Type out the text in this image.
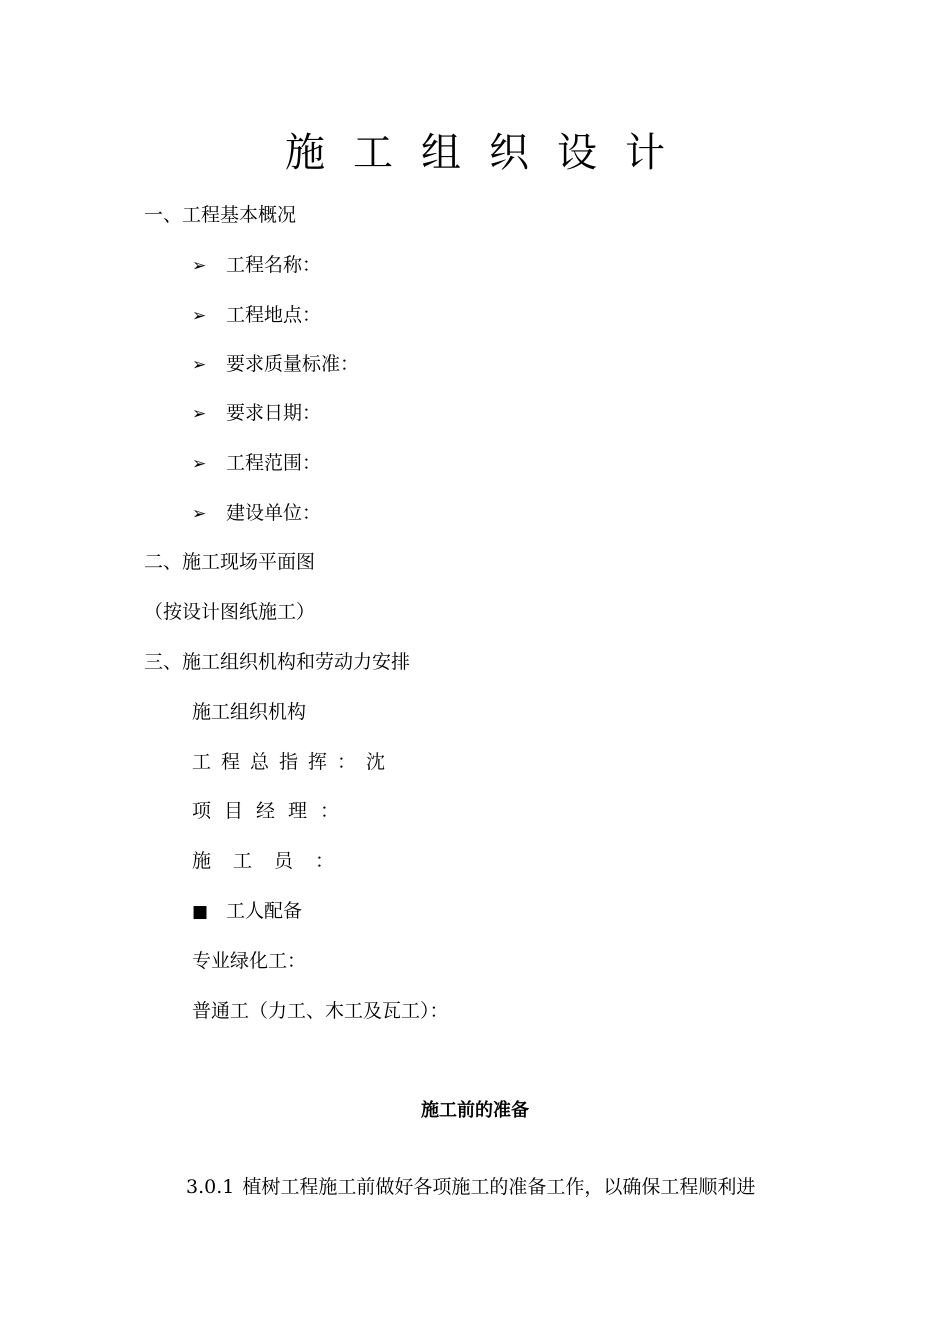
施工组织设计
一、工程基本概况
➢ 工程名称：
➢ 工程地点：
➢ 要求质量标准：
➢ 要求日期：
➢ 工程范围：
➢ 建设单位：
二、施工现场平面图
（按设计图纸施工）
三、施工组织机构和劳动力安排
施工组织机构
工程总指挥：沈
项目经理：
施工员：
■ 工人配备
专业绿化工：
普通工（力工、木工及瓦工）：
施工前的准备
3.0.1 植树工程施工前做好各项施工的准备工作，以确保工程顺利进
